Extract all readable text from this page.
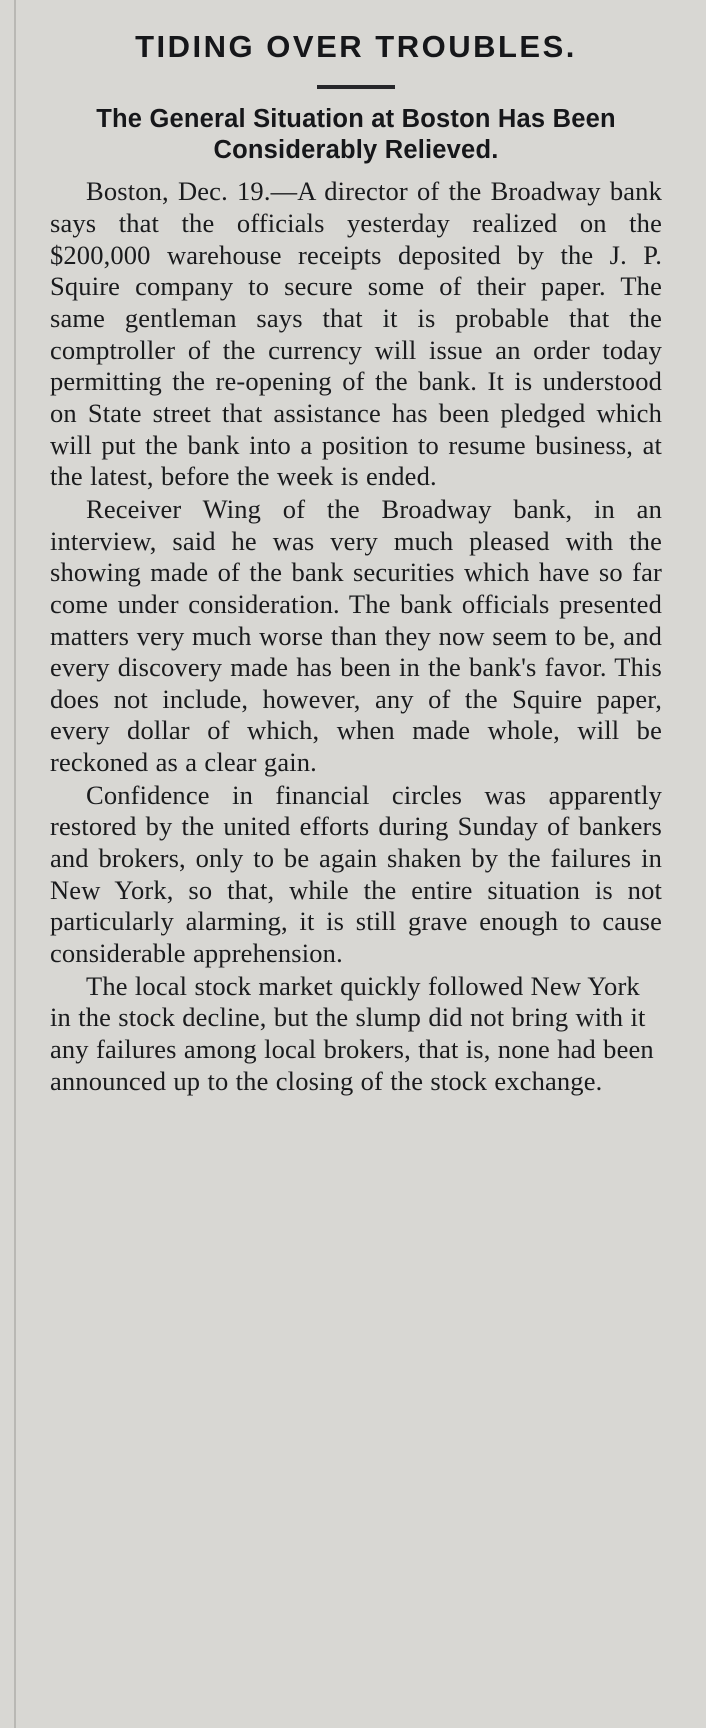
TIDING OVER TROUBLES.
The General Situation at Boston Has Been Considerably Relieved.

Boston, Dec. 19.—A director of the Broadway bank says that the officials yesterday realized on the $200,000 warehouse receipts deposited by the J. P. Squire company to secure some of their paper. The same gentleman says that it is probable that the comptroller of the currency will issue an order today permitting the re-opening of the bank. It is understood on State street that assistance has been pledged which will put the bank into a position to resume business, at the latest, before the week is ended.

Receiver Wing of the Broadway bank, in an interview, said he was very much pleased with the showing made of the bank securities which have so far come under consideration. The bank officials presented matters very much worse than they now seem to be, and every discovery made has been in the bank's favor. This does not include, however, any of the Squire paper, every dollar of which, when made whole, will be reckoned as a clear gain.

Confidence in financial circles was apparently restored by the united efforts during Sunday of bankers and brokers, only to be again shaken by the failures in New York, so that, while the entire situation is not particularly alarming, it is still grave enough to cause considerable apprehension.

The local stock market quickly followed New York in the stock decline, but the slump did not bring with it any failures among local brokers, that is, none had been announced up to the closing of the stock exchange.
